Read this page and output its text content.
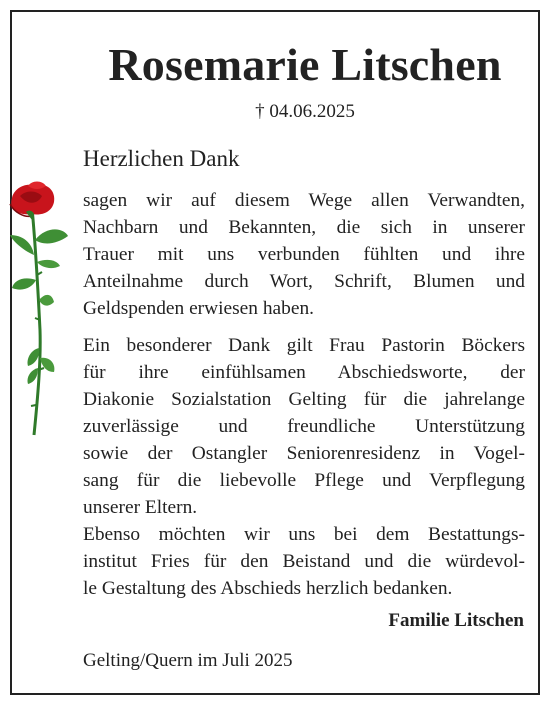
Rosemarie Litschen
† 04.06.2025
Herzlichen Dank
sagen wir auf diesem Wege allen Verwandten,
Nachbarn und Bekannten, die sich in unserer
Trauer mit uns verbunden fühlten und ihre
Anteilnahme durch Wort, Schrift, Blumen und
Geldspenden erwiesen haben.
Ein besonderer Dank gilt Frau Pastorin Böckers
für ihre einfühlsamen Abschiedsworte, der
Diakonie Sozialstation Gelting für die jahrelange
zuverlässige und freundliche Unterstützung
sowie der Ostangler Seniorenresidenz in Vogel-
sang für die liebevolle Pflege und Verpflegung
unserer Eltern.
Ebenso möchten wir uns bei dem Bestattungs-
institut Fries für den Beistand und die würdevol-
le Gestaltung des Abschieds herzlich bedanken.
Familie Litschen
Gelting/Quern im Juli 2025
